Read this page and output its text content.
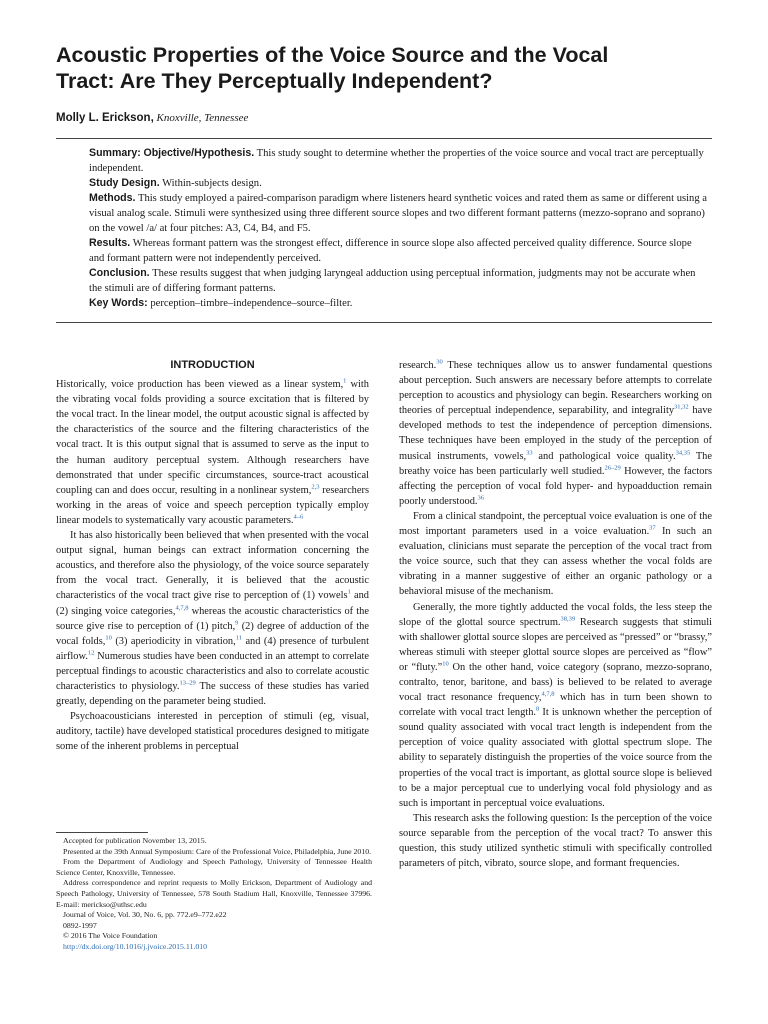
Acoustic Properties of the Voice Source and the Vocal
Tract: Are They Perceptually Independent?
Molly L. Erickson, Knoxville, Tennessee

Summary: Objective/Hypothesis. This study sought to determine whether the properties of the voice source and vocal tract are perceptually independent.

Study Design. Within-subjects design.

Methods. This study employed a paired-comparison paradigm where listeners heard synthetic voices and rated them as same or different using a visual analog scale. Stimuli were synthesized using three different source slopes and two different formant patterns (mezzo-soprano and soprano) on the vowel /a/ at four pitches: A3, C4, B4, and F5.

Results. Whereas formant pattern was the strongest effect, difference in source slope also affected perceived quality difference. Source slope and formant pattern were not independently perceived.

Conclusion. These results suggest that when judging laryngeal adduction using perceptual information, judgments may not be accurate when the stimuli are of differing formant patterns.

Key Words: perception–timbre–independence–source–filter.

INTRODUCTION

Historically, voice production has been viewed as a linear system,$^1$ with the vibrating vocal folds providing a source excitation that is filtered by the vocal tract. In the linear model, the output acoustic signal is affected by the characteristics of the source and the filtering characteristics of the vocal tract. It is this output signal that is assumed to serve as the input to the human auditory perceptual system. Although researchers have demonstrated that under specific circumstances, source-tract acoustical coupling can and does occur, resulting in a nonlinear system,$^{2,3}$ researchers working in the areas of voice and speech perception typically employ linear models to systematically vary acoustic parameters.$^{4-6}$

It has also historically been believed that when presented with the vocal output signal, human beings can extract information concerning the acoustics, and therefore also the physiology, of the voice source separately from the vocal tract. Generally, it is believed that the acoustic characteristics of the vocal tract give rise to perception of (1) vowels$^1$ and (2) singing voice categories,$^{4,7,8}$ whereas the acoustic characteristics of the source give rise to perception of (1) pitch,$^9$ (2) degree of adduction of the vocal folds,$^{10}$ (3) aperiodicity in vibration,$^{11}$ and (4) presence of turbulent airflow.$^{12}$ Numerous studies have been conducted in an attempt to correlate perceptual findings to acoustic characteristics and also to correlate acoustic characteristics to physiology.$^{13-29}$ The success of these studies has varied greatly, depending on the parameter being studied.

Psychoacousticians interested in perception of stimuli (eg, visual, auditory, tactile) have developed statistical procedures designed to mitigate some of the inherent problems in perceptual

research.$^{30}$ These techniques allow us to answer fundamental questions about perception. Such answers are necessary before attempts to correlate perception to acoustics and physiology can begin. Researchers working on theories of perceptual independence, separability, and integrality$^{31,32}$ have developed methods to test the independence of perception dimensions. These techniques have been employed in the study of the perception of musical instruments, vowels,$^{33}$ and pathological voice quality.$^{34,35}$ The breathy voice has been particularly well studied.$^{26-29}$ However, the factors affecting the perception of vocal fold hyper- and hypoadduction remain poorly understood.$^{36}$

From a clinical standpoint, the perceptual voice evaluation is one of the most important parameters used in a voice evaluation.$^{37}$ In such an evaluation, clinicians must separate the perception of the vocal tract from the voice source, such that they can assess whether the vocal folds are vibrating in a manner suggestive of either an organic pathology or a behavioral misuse of the mechanism.

Generally, the more tightly adducted the vocal folds, the less steep the slope of the glottal source spectrum.$^{38,39}$ Research suggests that stimuli with shallower glottal source slopes are perceived as “pressed” or “brassy,” whereas stimuli with steeper glottal source slopes are perceived as “flow” or “fluty.”$^{10}$ On the other hand, voice category (soprano, mezzo-soprano, contralto, tenor, baritone, and bass) is believed to be related to average vocal tract resonance frequency,$^{4,7,8}$ which has in turn been shown to correlate with vocal tract length.$^8$ It is unknown whether the perception of sound quality associated with vocal tract length is independent from the perception of voice quality associated with glottal spectrum slope. The ability to separately distinguish the properties of the voice source from the properties of the vocal tract is important, as glottal source slope is believed to be a major perceptual cue to underlying vocal fold physiology and as such is important in perceptual voice evaluations.

This research asks the following question: Is the perception of the voice source separable from the perception of the vocal tract? To answer this question, this study utilized synthetic stimuli with specifically controlled parameters of pitch, vibrato, source slope, and formant frequencies.

Accepted for publication November 13, 2015.

Presented at the 39th Annual Symposium: Care of the Professional Voice, Philadelphia, June 2010.

From the Department of Audiology and Speech Pathology, University of Tennessee Health Science Center, Knoxville, Tennessee.

Address correspondence and reprint requests to Molly Erickson, Department of Audiology and Speech Pathology, University of Tennessee, 578 South Stadium Hall, Knoxville, Tennessee 37996. E-mail: merickso@uthsc.edu

Journal of Voice, Vol. 30, No. 6, pp. 772.e9–772.e22

0892-1997

© 2016 The Voice Foundation

http://dx.doi.org/10.1016/j.jvoice.2015.11.010
